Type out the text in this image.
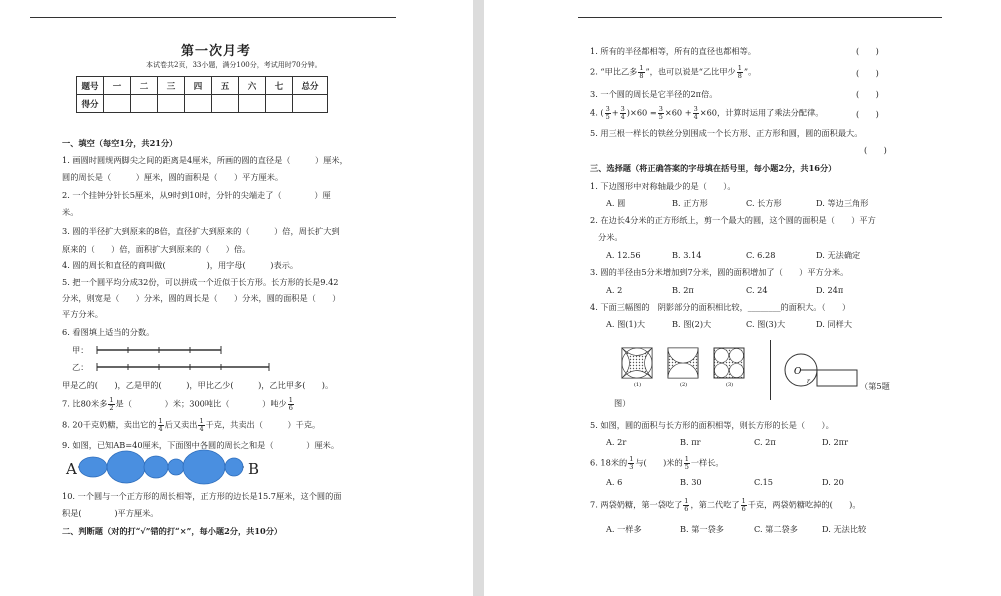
第一次月考
本试卷共2页，33小题，满分100分，考试用时70分钟。
题号	一	二	三	四	五	六	七	总分
得分								
一、填空（每空1分，共21分）
1. 画圆时圆规两脚尖之间的距离是4厘米，所画的圆的直径是（　　　）厘米，
圆的周长是（　　　）厘米，圆的面积是（　　）平方厘米。
2. 一个挂钟分针长5厘米，从9时到10时，分针的尖端走了（　　　　）厘
米。
3. 圆的半径扩大到原来的8倍，直径扩大到原来的（　　　）倍，周长扩大到
原来的（　　）倍，面积扩大到原来的（　　）倍。
4. 圆的周长和直径的商叫做(　　　　　)，用字母(　　　)表示。
5. 把一个圆平均分成32份，可以拼成一个近似于长方形。长方形的长是9.42
分米，则宽是（　　）分米，圆的周长是（　　）分米，圆的面积是（　　）
平方分米。
6. 看图填上适当的分数。
甲：
乙：
甲是乙的(　　)，乙是甲的(　　　)，甲比乙少(　　　)，乙比甲多(　　)。
7. 比80米多 $\frac{1}{2}$ 是（　　　　）米；300吨比（　　　　）吨少 $\frac{1}{6}$
8. 20千克奶糖，卖出它的 $\frac{1}{4}$ 后又卖出 $\frac{1}{4}$ 千克，共卖出（　　　）千克。
9. 如图，已知AB=40厘米，下面图中各圆的周长之和是（　　　　）厘米。
A	B
10. 一个圆与一个正方形的周长相等，正方形的边长是15.7厘米，这个圆的面
积是(　　　　)平方厘米。
二、判断题（对的打“√”错的打“×”，每小题2分，共10分）
1. 所有的半径都相等，所有的直径也都相等。	(　　)
2. “甲比乙多 $\frac{1}{8}$ ”，也可以说是“乙比甲少 $\frac{1}{8}$ ”。	(　　)
3. 一个圆的周长是它半径的2π倍。	(　　)
4. ( $\frac{3}{5} + \frac{3}{4} )\times 60 = \frac{3}{5} \times 60 + \frac{3}{4} \times 60$，计算时运用了乘法分配律。	(　　)
5. 用三根一样长的铁丝分别围成一个长方形、正方形和圆，圆的面积最大。
(　　)
三、选择题（将正确答案的字母填在括号里，每小题2分，共16分）
1. 下边图形中对称轴最少的是（　　）。
A. 圆	B. 正方形	C. 长方形	D. 等边三角形
2. 在边长4分米的正方形纸上，剪一个最大的圆，这个圆的面积是（　　）平方
分米。
A. 12.56	B. 3.14	C. 6.28	D. 无法确定
3. 圆的半径由5分米增加到7分米，圆的面积增加了（　　）平方分米。
A. 2	B. 2π	C. 24	D. 24π
4. 下面三幅图的　阴影部分的面积相比较，________的面积大。（　　）
A. 图(1)大	B. 图(2)大	C. 图(3)大	D. 同样大
(1)	(2)	(3)
O
r	（第5题
图）
5. 如图，圆的面积与长方形的面积相等，则长方形的长是（　　）。
A. 2r	B. πr	C. 2π	D. 2πr
6. 18米的 $\frac{1}{3}$ 与(　　)米的 $\frac{1}{5}$ 一样长。
A. 6	B. 30	C.15	D. 20
7. 两袋奶糖，第一袋吃了 $\frac{1}{6}$ ，第二代吃了 $\frac{1}{6}$ 千克，两袋奶糖吃掉的(　　)。
A. 一样多	B. 第一袋多	C. 第二袋多	D. 无法比较
